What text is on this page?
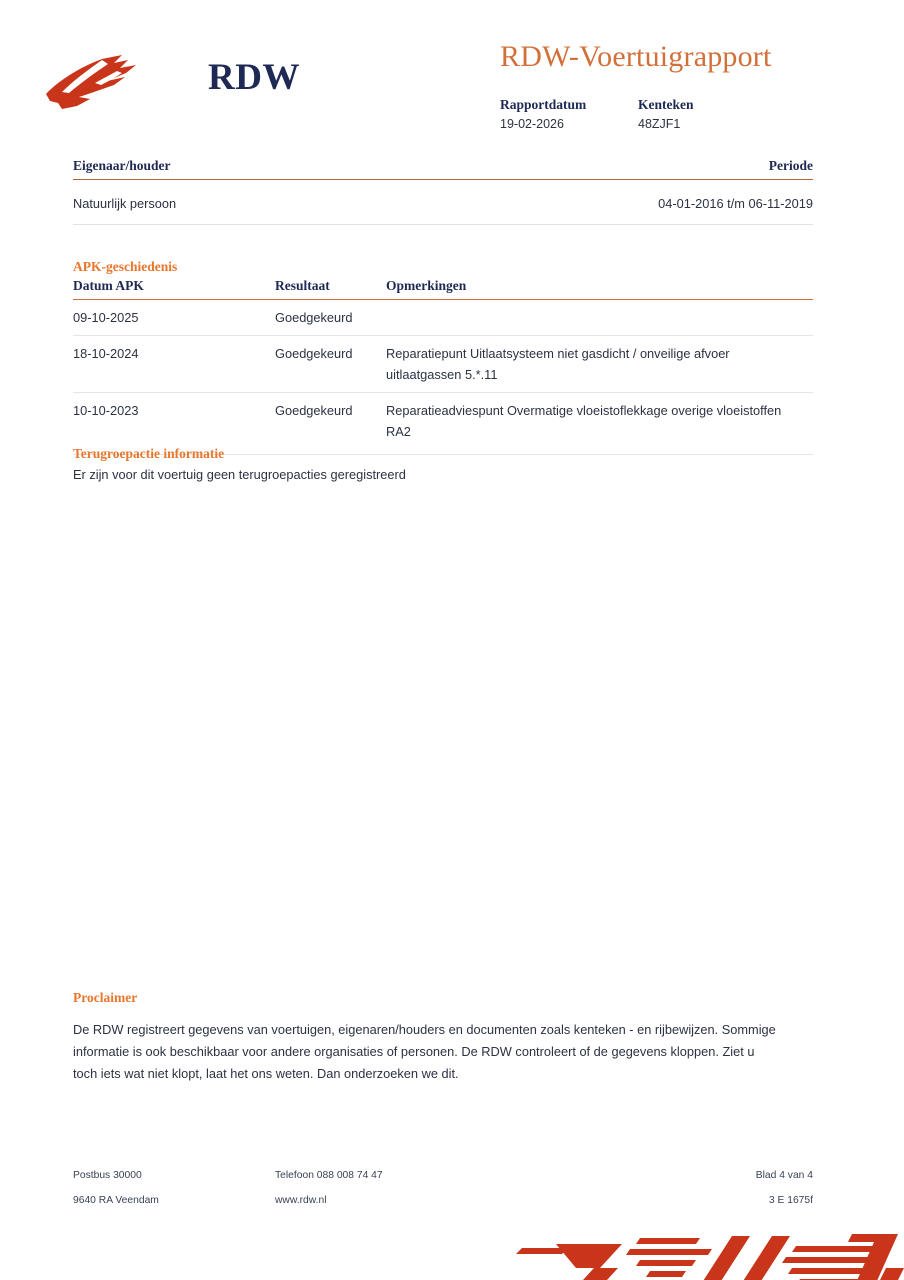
RDW
RDW-Voertuigrapport
Rapportdatum
19-02-2026
Kenteken
48ZJF1
Eigenaar/houder	Periode
Natuurlijk persoon	04-01-2016 t/m 06-11-2019
APK-geschiedenis
Datum APK	Resultaat	Opmerkingen
09-10-2025	Goedgekeurd	
18-10-2024	Goedgekeurd	Reparatiepunt Uitlaatsysteem niet gasdicht / onveilige afvoer uitlaatgassen 5.*.11
10-10-2023	Goedgekeurd	Reparatieadviespunt Overmatige vloeistoflekkage overige vloeistoffen RA2
Terugroepactie informatie
Er zijn voor dit voertuig geen terugroepacties geregistreerd
Proclaimer
De RDW registreert gegevens van voertuigen, eigenaren/houders en documenten zoals kenteken - en rijbewijzen. Sommige informatie is ook beschikbaar voor andere organisaties of personen. De RDW controleert of de gegevens kloppen. Ziet u toch iets wat niet klopt, laat het ons weten. Dan onderzoeken we dit.
Postbus 30000	Telefoon 088 008 74 47	Blad 4 van 4
9640 RA Veendam	www.rdw.nl	3 E 1675f
